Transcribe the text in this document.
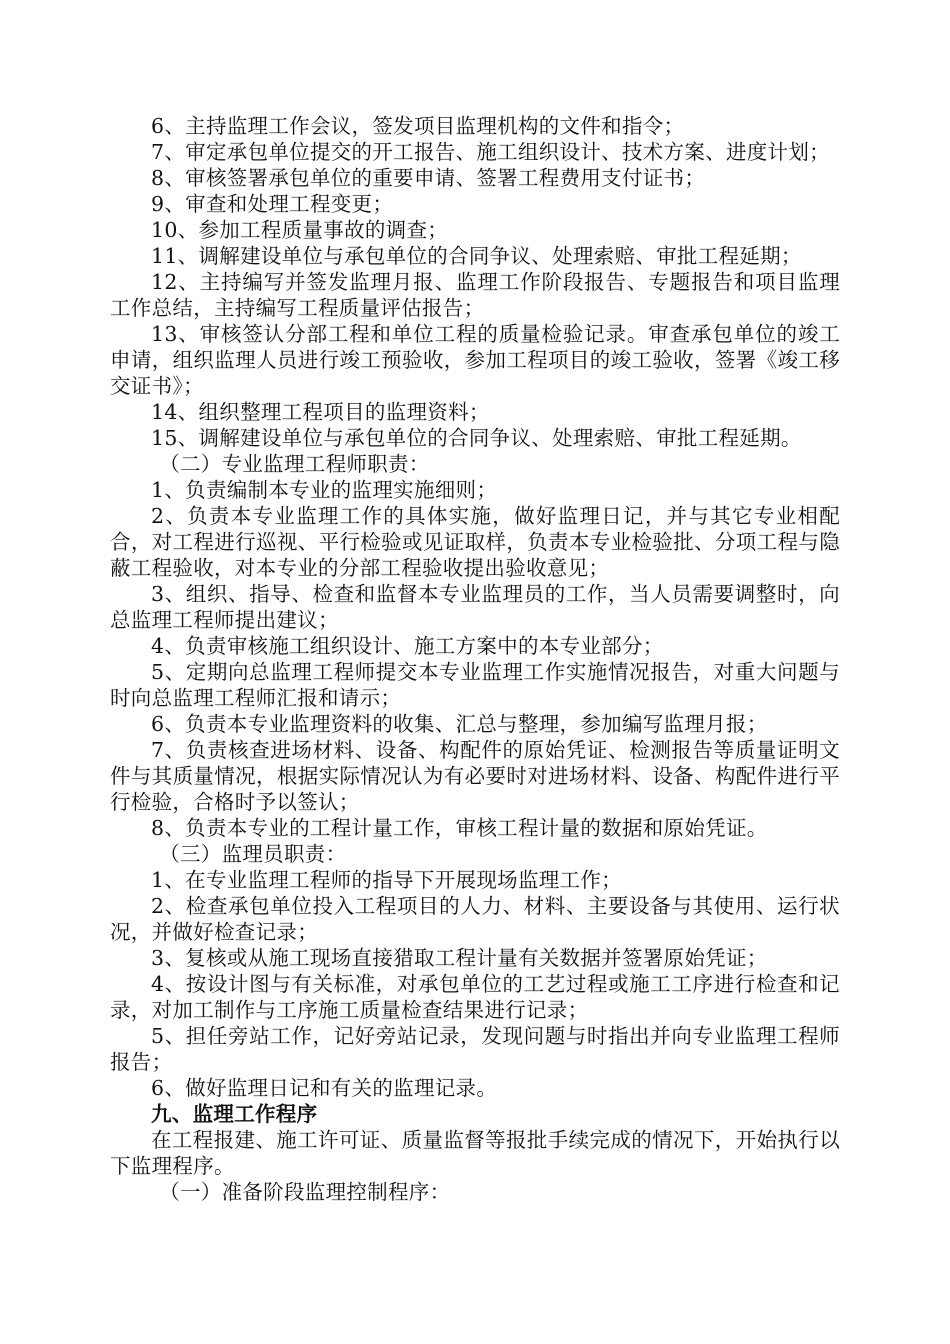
6、主持监理工作会议，签发项目监理机构的文件和指令；

7、审定承包单位提交的开工报告、施工组织设计、技术方案、进度计划；

8、审核签署承包单位的重要申请、签署工程费用支付证书；

9、审查和处理工程变更；

10、参加工程质量事故的调查；

11、调解建设单位与承包单位的合同争议、处理索赔、审批工程延期；

12、主持编写并签发监理月报、监理工作阶段报告、专题报告和项目监理工作总结，主持编写工程质量评估报告；

13、审核签认分部工程和单位工程的质量检验记录。审查承包单位的竣工申请，组织监理人员进行竣工预验收，参加工程项目的竣工验收，签署《竣工移交证书》；

14、组织整理工程项目的监理资料；

15、调解建设单位与承包单位的合同争议、处理索赔、审批工程延期。

（二）专业监理工程师职责：

1、负责编制本专业的监理实施细则；

2、负责本专业监理工作的具体实施，做好监理日记，并与其它专业相配合，对工程进行巡视、平行检验或见证取样，负责本专业检验批、分项工程与隐蔽工程验收，对本专业的分部工程验收提出验收意见；

3、组织、指导、检查和监督本专业监理员的工作，当人员需要调整时，向总监理工程师提出建议；

4、负责审核施工组织设计、施工方案中的本专业部分；

5、定期向总监理工程师提交本专业监理工作实施情况报告，对重大问题与时向总监理工程师汇报和请示；

6、负责本专业监理资料的收集、汇总与整理，参加编写监理月报；

7、负责核查进场材料、设备、构配件的原始凭证、检测报告等质量证明文件与其质量情况，根据实际情况认为有必要时对进场材料、设备、构配件进行平行检验，合格时予以签认；

8、负责本专业的工程计量工作，审核工程计量的数据和原始凭证。

（三）监理员职责：

1、在专业监理工程师的指导下开展现场监理工作；

2、检查承包单位投入工程项目的人力、材料、主要设备与其使用、运行状况，并做好检查记录；

3、复核或从施工现场直接猎取工程计量有关数据并签署原始凭证；

4、按设计图与有关标准，对承包单位的工艺过程或施工工序进行检查和记录，对加工制作与工序施工质量检查结果进行记录；

5、担任旁站工作，记好旁站记录，发现问题与时指出并向专业监理工程师报告；

6、做好监理日记和有关的监理记录。

九、监理工作程序

在工程报建、施工许可证、质量监督等报批手续完成的情况下，开始执行以下监理程序。

（一）准备阶段监理控制程序：
